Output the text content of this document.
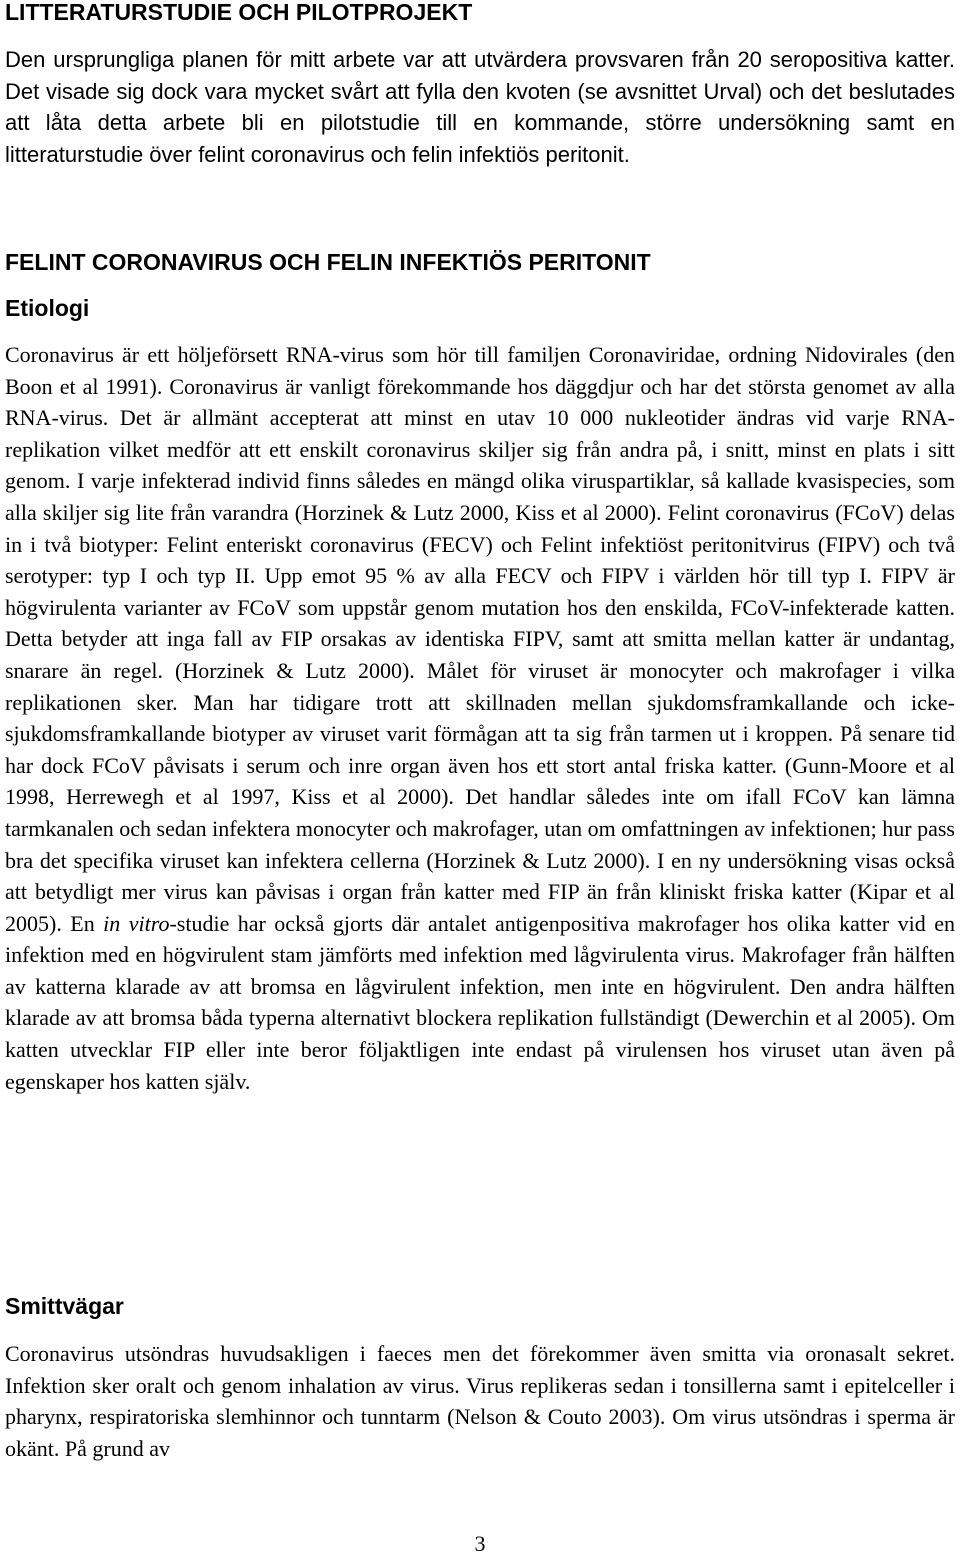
LITTERATURSTUDIE OCH PILOTPROJEKT

Den ursprungliga planen för mitt arbete var att utvärdera provsvaren från 20 seropositiva katter. Det visade sig dock vara mycket svårt att fylla den kvoten (se avsnittet Urval) och det beslutades att låta detta arbete bli en pilotstudie till en kommande, större undersökning samt en litteraturstudie över felint coronavirus och felin infektiös peritonit.

FELINT CORONAVIRUS OCH FELIN INFEKTIÖS PERITONIT
Etiologi

Coronavirus är ett höljeförsett RNA-virus som hör till familjen Coronaviridae, ordning Nidovirales (den Boon et al 1991). Coronavirus är vanligt förekommande hos däggdjur och har det största genomet av alla RNA-virus. Det är allmänt accepterat att minst en utav 10 000 nukleotider ändras vid varje RNA-replikation vilket medför att ett enskilt coronavirus skiljer sig från andra på, i snitt, minst en plats i sitt genom. I varje infekterad individ finns således en mängd olika viruspartiklar, så kallade kvasispecies, som alla skiljer sig lite från varandra (Horzinek & Lutz 2000, Kiss et al 2000). Felint coronavirus (FCoV) delas in i två biotyper: Felint enteriskt coronavirus (FECV) och Felint infektiöst peritonitvirus (FIPV) och två serotyper: typ I och typ II. Upp emot 95 % av alla FECV och FIPV i världen hör till typ I. FIPV är högvirulenta varianter av FCoV som uppstår genom mutation hos den enskilda, FCoV-infekterade katten. Detta betyder att inga fall av FIP orsakas av identiska FIPV, samt att smitta mellan katter är undantag, snarare än regel. (Horzinek & Lutz 2000). Målet för viruset är monocyter och makrofager i vilka replikationen sker. Man har tidigare trott att skillnaden mellan sjukdomsframkallande och icke-sjukdomsframkallande biotyper av viruset varit förmågan att ta sig från tarmen ut i kroppen. På senare tid har dock FCoV påvisats i serum och inre organ även hos ett stort antal friska katter. (Gunn-Moore et al 1998, Herrewegh et al 1997, Kiss et al 2000). Det handlar således inte om ifall FCoV kan lämna tarmkanalen och sedan infektera monocyter och makrofager, utan om omfattningen av infektionen; hur pass bra det specifika viruset kan infektera cellerna (Horzinek & Lutz 2000). I en ny undersökning visas också att betydligt mer virus kan påvisas i organ från katter med FIP än från kliniskt friska katter (Kipar et al 2005). En in vitro-studie har också gjorts där antalet antigenpositiva makrofager hos olika katter vid en infektion med en högvirulent stam jämförts med infektion med lågvirulenta virus. Makrofager från hälften av katterna klarade av att bromsa en lågvirulent infektion, men inte en högvirulent. Den andra hälften klarade av att bromsa båda typerna alternativt blockera replikation fullständigt (Dewerchin et al 2005). Om katten utvecklar FIP eller inte beror följaktligen inte endast på virulensen hos viruset utan även på egenskaper hos katten själv.

Smittvägar

Coronavirus utsöndras huvudsakligen i faeces men det förekommer även smitta via oronasalt sekret. Infektion sker oralt och genom inhalation av virus. Virus replikeras sedan i tonsillerna samt i epitelceller i pharynx, respiratoriska slemhinnor och tunntarm (Nelson & Couto 2003). Om virus utsöndras i sperma är okänt. På grund av

3
